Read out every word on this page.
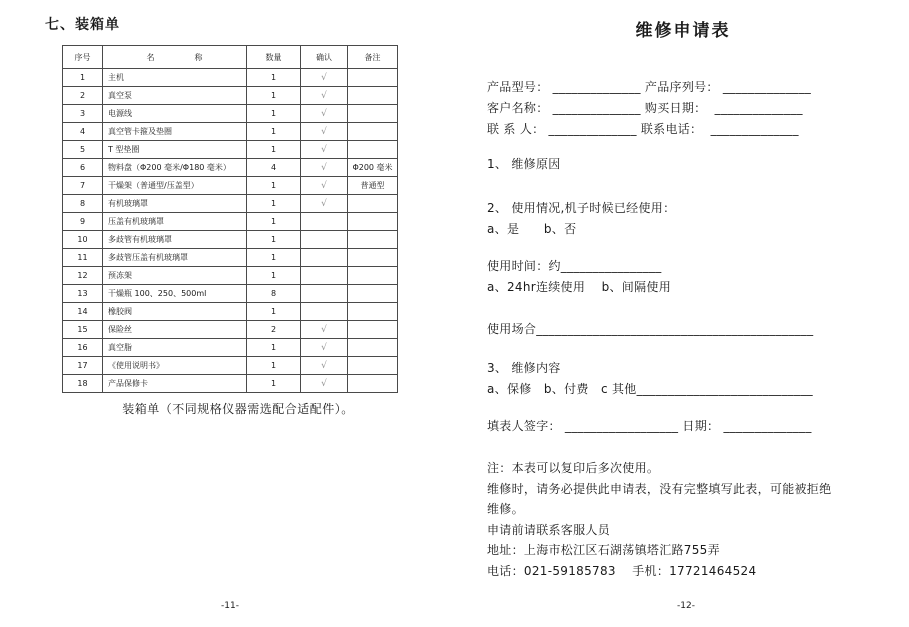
七、装箱单
序号	名　　　　　称	数量	确认	备注
1	主机	1	√	
2	真空泵	1	√	
3	电源线	1	√	
4	真空管卡箍及垫圈	1	√	
5	T 型垫圈	1	√	
6	物料盘（Φ200 毫米/Φ180 毫米）	4	√	Φ200 毫米
7	干燥架（普通型/压盖型）	1	√	普通型
8	有机玻璃罩	1	√	
9	压盖有机玻璃罩	1		
10	多歧管有机玻璃罩	1		
11	多歧管压盖有机玻璃罩	1		
12	预冻架	1		
13	干燥瓶 100、250、500ml	8		
14	橡胶阀	1		
15	保险丝	2	√	
16	真空脂	1	√	
17	《使用说明书》	1	√	
18	产品保修卡	1	√	
装箱单（不同规格仪器需选配合适配件）。
维修申请表
产品型号： ______________ 产品序列号： ______________
客户名称： ______________ 购买日期：  ______________
联 系 人： ______________ 联系电话：  ______________
1、 维修原因
2、 使用情况,机子时候已经使用：
a、是　　b、否
使用时间：约________________
a、24hr连续使用　 b、间隔使用
使用场合____________________________________________
3、 维修内容
a、保修　b、付费　c 其他____________________________
填表人签字： __________________ 日期： ______________
注：本表可以复印后多次使用。
维修时，请务必提供此申请表，没有完整填写此表，可能被拒绝
维修。
申请前请联系客服人员
地址：上海市松江区石湖荡镇塔汇路755弄
电话：021-59185783　 手机：17721464524
-11-	-12-
